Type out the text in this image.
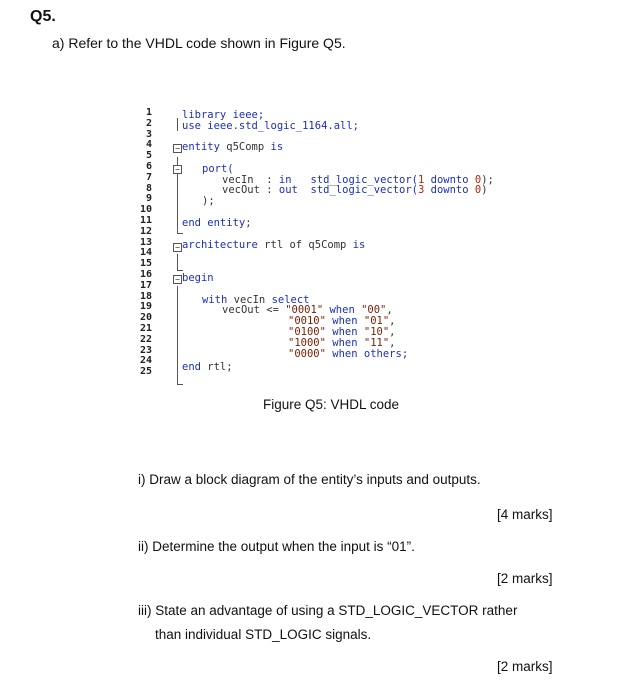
Q5.
a) Refer to the VHDL code shown in Figure Q5.
1
2
3
4
5
6
7
8
9
10
11
12
13
14
15
16
17
18
19
20
21
22
23
24
25
−
−
−
−
library ieee;
use ieee.std_logic_1164.all;
entity q5Comp is
port(
vecIn  : in   std_logic_vector(1 downto 0);
vecOut : out  std_logic_vector(3 downto 0)
);
end entity;
architecture rtl of q5Comp is
begin
with vecIn select
vecOut <= "0001" when "00",
"0010" when "01",
"0100" when "10",
"1000" when "11",
"0000" when others;
end rtl;
Figure Q5: VHDL code
i) Draw a block diagram of the entity’s inputs and outputs.
[4 marks]
ii) Determine the output when the input is “01”.
[2 marks]
iii) State an advantage of using a STD_LOGIC_VECTOR rather
than individual STD_LOGIC signals.
[2 marks]
